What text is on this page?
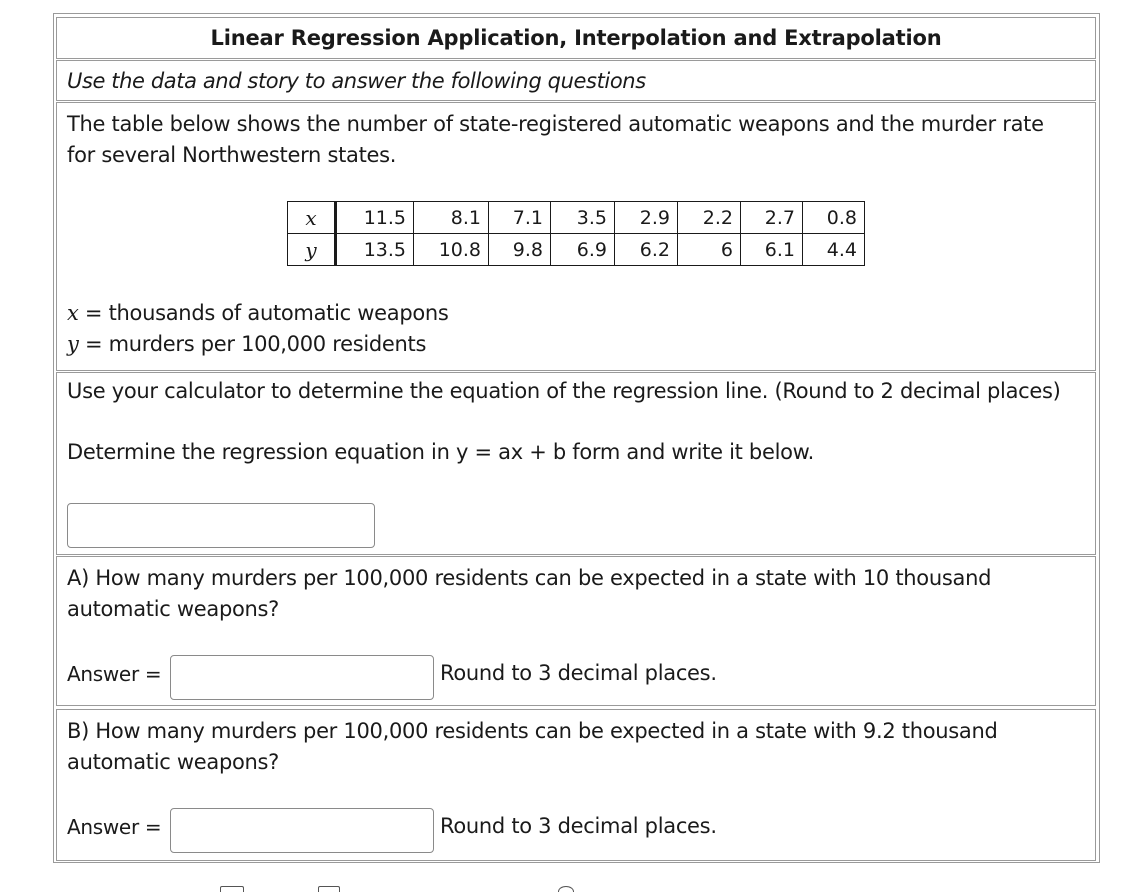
Linear Regression Application, Interpolation and Extrapolation
Use the data and story to answer the following questions
The table below shows the number of state-registered automatic weapons and the murder rate for several Northwestern states.
x	11.5	8.1	7.1	3.5	2.9	2.2	2.7	0.8
y	13.5	10.8	9.8	6.9	6.2	6	6.1	4.4
x = thousands of automatic weapons
y = murders per 100,000 residents
Use your calculator to determine the equation of the regression line. (Round to 2 decimal places)
Determine the regression equation in y = ax + b form and write it below.
A) How many murders per 100,000 residents can be expected in a state with 10 thousand automatic weapons?
Answer =	Round to 3 decimal places.
B) How many murders per 100,000 residents can be expected in a state with 9.2 thousand automatic weapons?
Answer =	Round to 3 decimal places.
